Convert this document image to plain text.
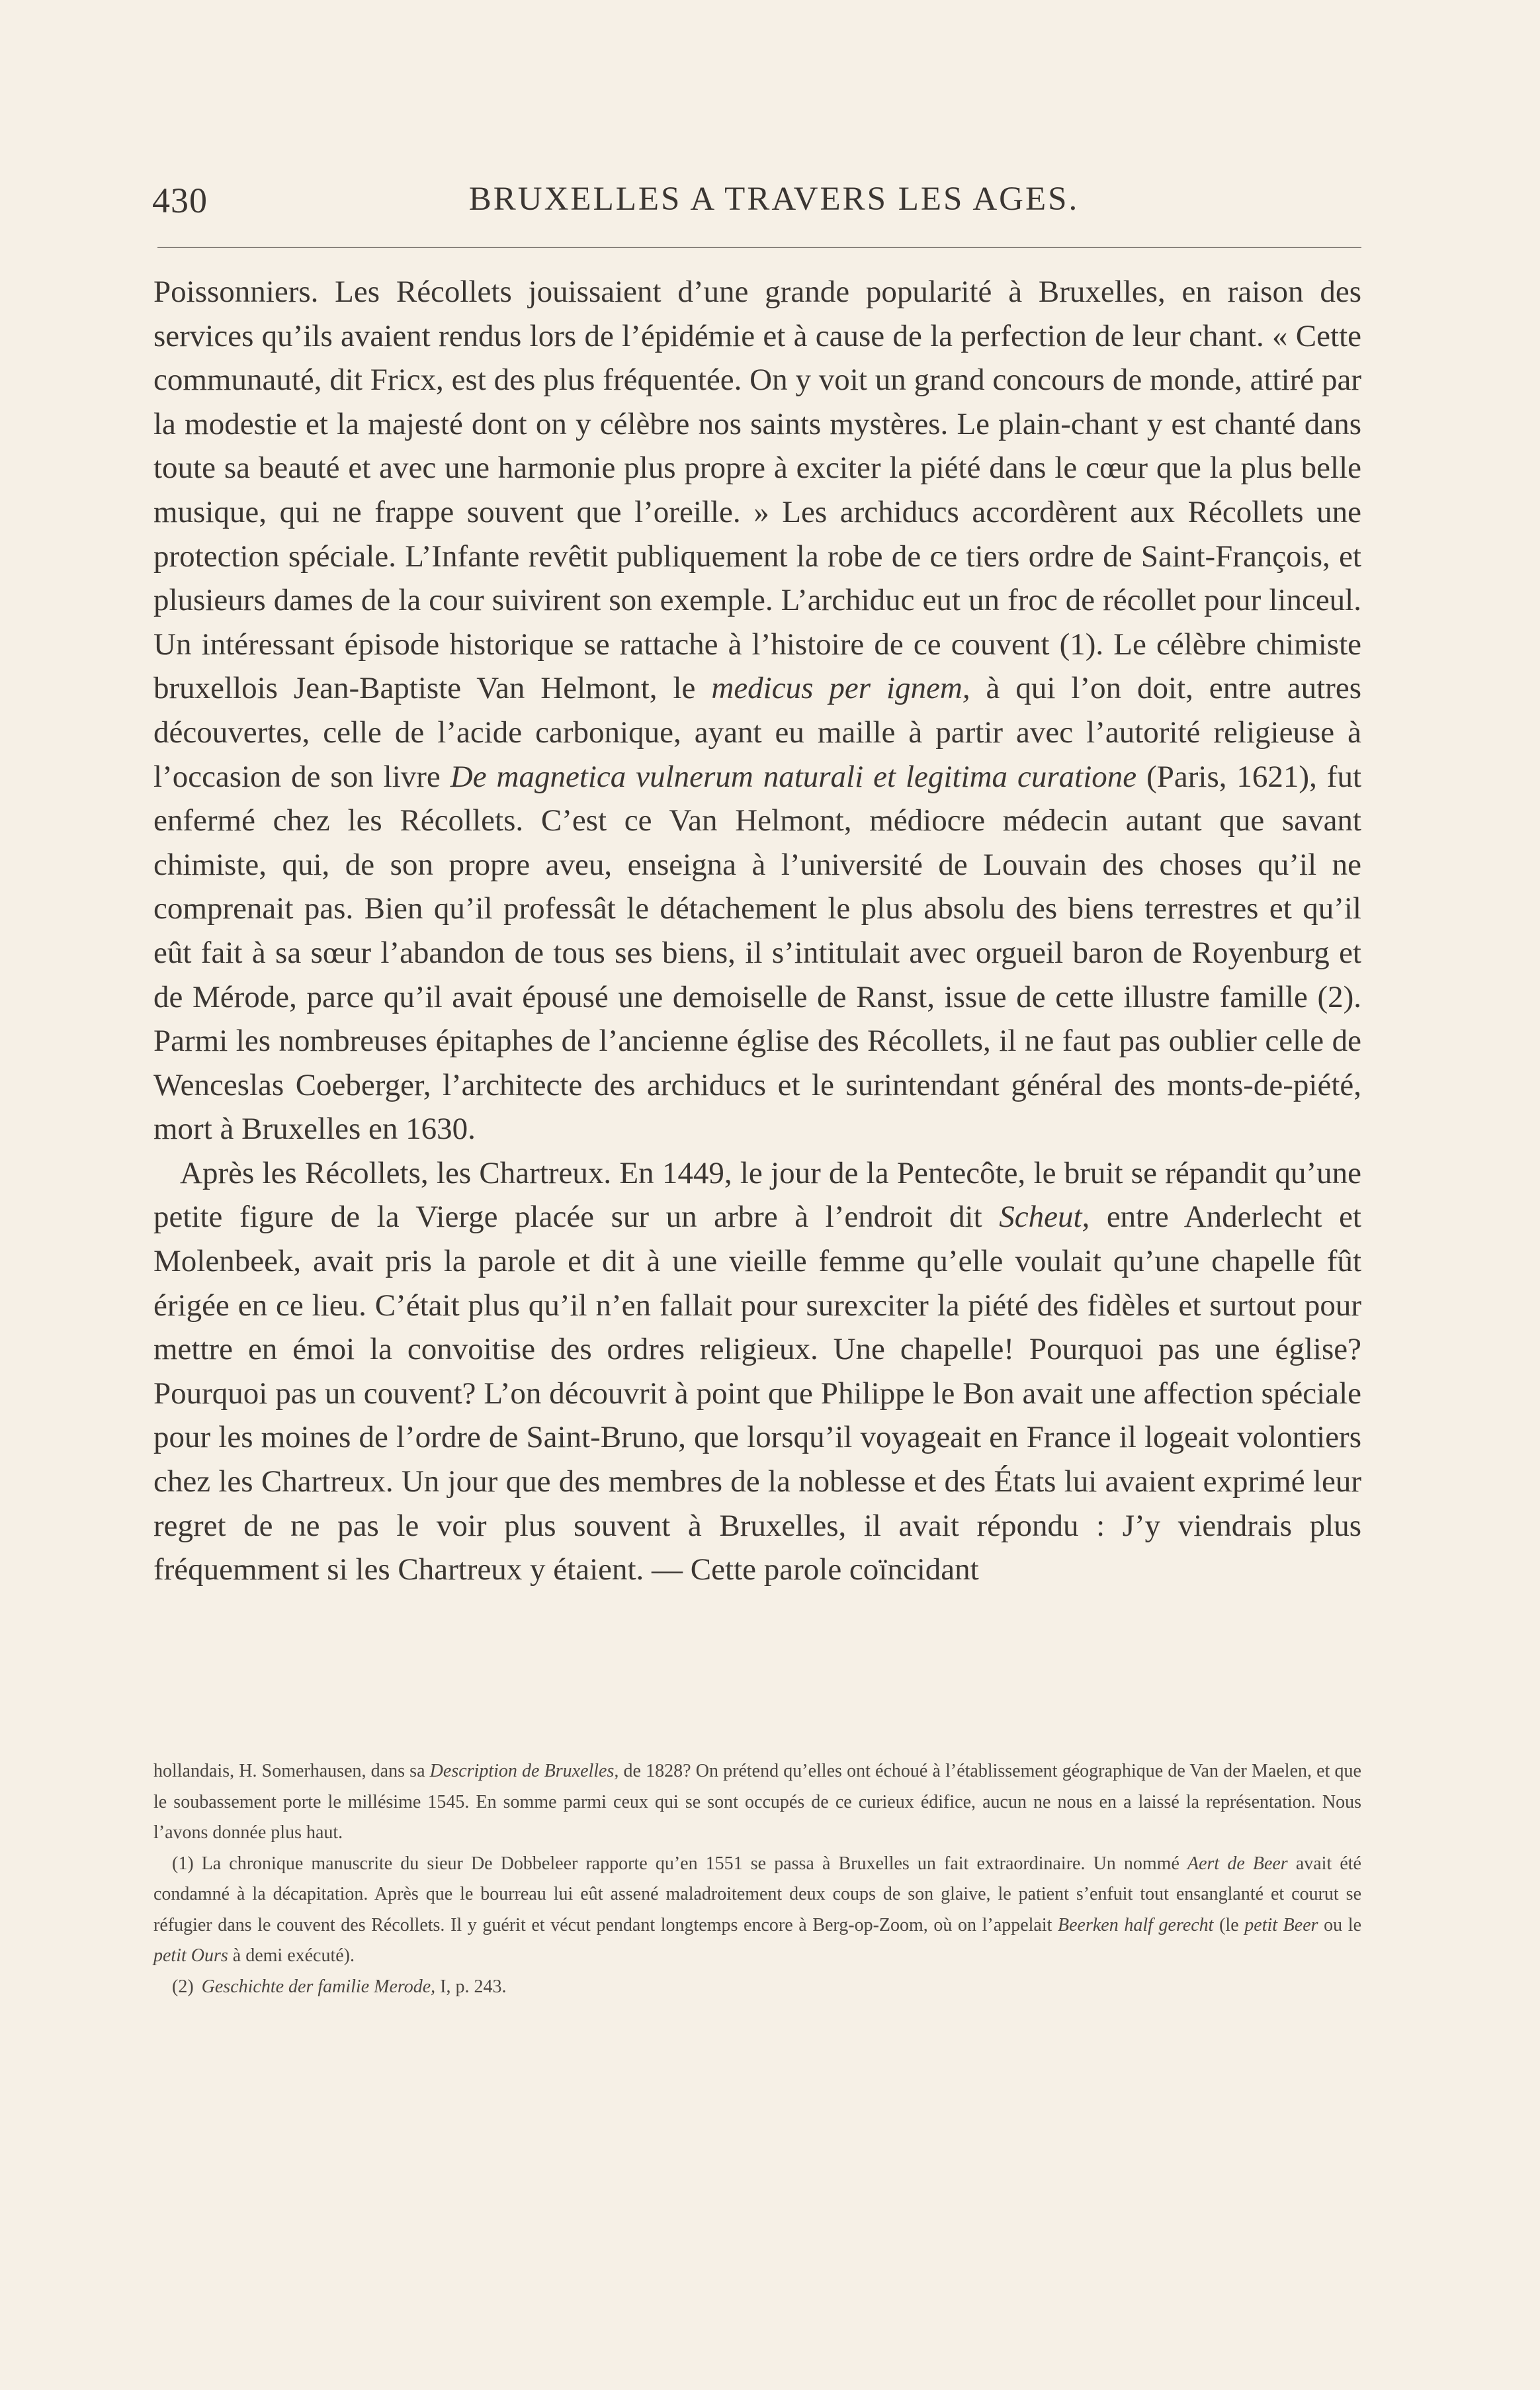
430	BRUXELLES A TRAVERS LES AGES.

Poissonniers. Les Récollets jouissaient d’une grande popularité à Bruxelles, en raison des services qu’ils avaient rendus lors de l’épidémie et à cause de la perfection de leur chant. « Cette communauté, dit Fricx, est des plus fréquentée. On y voit un grand concours de monde, attiré par la modestie et la majesté dont on y célèbre nos saints mystères. Le plain-chant y est chanté dans toute sa beauté et avec une harmonie plus propre à exciter la piété dans le cœur que la plus belle musique, qui ne frappe souvent que l’oreille. » Les archiducs accordèrent aux Récollets une protection spéciale. L’Infante revêtit publiquement la robe de ce tiers ordre de Saint-François, et plusieurs dames de la cour suivirent son exemple. L’archiduc eut un froc de récollet pour linceul. Un intéressant épisode historique se rattache à l’histoire de ce couvent (1). Le célèbre chimiste bruxellois Jean-Baptiste Van Helmont, le medicus per ignem, à qui l’on doit, entre autres découvertes, celle de l’acide carbonique, ayant eu maille à partir avec l’autorité religieuse à l’occasion de son livre De magnetica vulnerum naturali et legitima curatione (Paris, 1621), fut enfermé chez les Récollets. C’est ce Van Helmont, médiocre médecin autant que savant chimiste, qui, de son propre aveu, enseigna à l’université de Louvain des choses qu’il ne comprenait pas. Bien qu’il professât le détachement le plus absolu des biens terrestres et qu’il eût fait à sa sœur l’abandon de tous ses biens, il s’intitulait avec orgueil baron de Royenburg et de Mérode, parce qu’il avait épousé une demoiselle de Ranst, issue de cette illustre famille (2). Parmi les nombreuses épitaphes de l’ancienne église des Récollets, il ne faut pas oublier celle de Wenceslas Coeberger, l’architecte des archiducs et le surintendant général des monts-de-piété, mort à Bruxelles en 1630.

Après les Récollets, les Chartreux. En 1449, le jour de la Pentecôte, le bruit se répandit qu’une petite figure de la Vierge placée sur un arbre à l’endroit dit Scheut, entre Anderlecht et Molenbeek, avait pris la parole et dit à une vieille femme qu’elle voulait qu’une chapelle fût érigée en ce lieu. C’était plus qu’il n’en fallait pour surexciter la piété des fidèles et surtout pour mettre en émoi la convoitise des ordres religieux. Une chapelle! Pourquoi pas une église? Pourquoi pas un couvent? L’on découvrit à point que Philippe le Bon avait une affection spéciale pour les moines de l’ordre de Saint-Bruno, que lorsqu’il voyageait en France il logeait volontiers chez les Chartreux. Un jour que des membres de la noblesse et des États lui avaient exprimé leur regret de ne pas le voir plus souvent à Bruxelles, il avait répondu : J’y viendrais plus fréquemment si les Chartreux y étaient. — Cette parole coïncidant

hollandais, H. Somerhausen, dans sa Description de Bruxelles, de 1828? On prétend qu’elles ont échoué à l’établissement géographique de Van der Maelen, et que le soubassement porte le millésime 1545. En somme parmi ceux qui se sont occupés de ce curieux édifice, aucun ne nous en a laissé la représentation. Nous l’avons donnée plus haut.

(1) La chronique manuscrite du sieur De Dobbeleer rapporte qu’en 1551 se passa à Bruxelles un fait extraordinaire. Un nommé Aert de Beer avait été condamné à la décapitation. Après que le bourreau lui eût assené maladroitement deux coups de son glaive, le patient s’enfuit tout ensanglanté et courut se réfugier dans le couvent des Récollets. Il y guérit et vécut pendant longtemps encore à Berg-op-Zoom, où on l’appelait Beerken half gerecht (le petit Beer ou le petit Ours à demi exécuté).

(2) Geschichte der familie Merode, I, p. 243.
